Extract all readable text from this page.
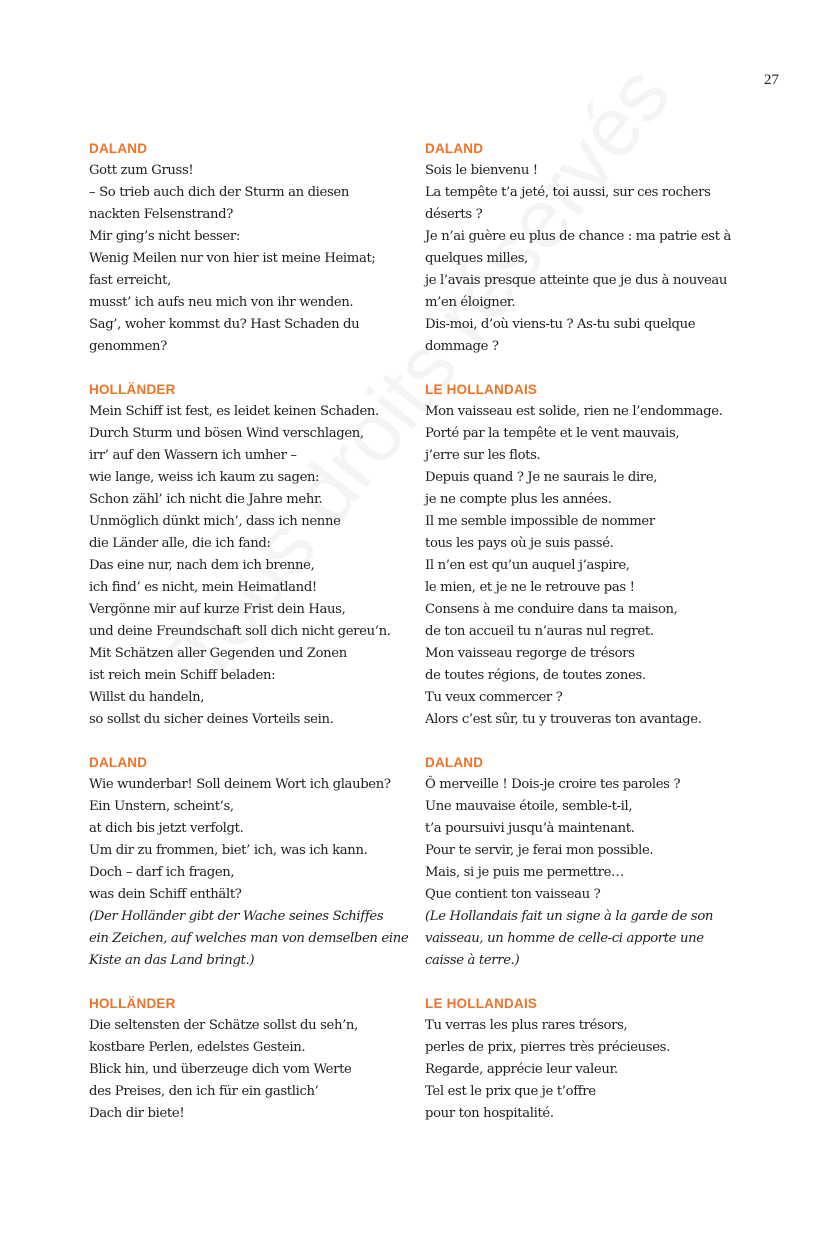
27
DALAND
Gott zum Gruss!
– So trieb auch dich der Sturm an diesen
nackten Felsenstrand?
Mir ging’s nicht besser:
Wenig Meilen nur von hier ist meine Heimat;
fast erreicht,
musst’ ich aufs neu mich von ihr wenden.
Sag’, woher kommst du? Hast Schaden du
genommen?
HOLLÄNDER
Mein Schiff ist fest, es leidet keinen Schaden.
Durch Sturm und bösen Wind verschlagen,
irr’ auf den Wassern ich umher –
wie lange, weiss ich kaum zu sagen:
Schon zähl’ ich nicht die Jahre mehr.
Unmöglich dünkt mich’, dass ich nenne
die Länder alle, die ich fand:
Das eine nur, nach dem ich brenne,
ich find’ es nicht, mein Heimatland!
Vergönne mir auf kurze Frist dein Haus,
und deine Freundschaft soll dich nicht gereu’n.
Mit Schätzen aller Gegenden und Zonen
ist reich mein Schiff beladen:
Willst du handeln,
so sollst du sicher deines Vorteils sein.
DALAND
Wie wunderbar! Soll deinem Wort ich glauben?
Ein Unstern, scheint’s,
at dich bis jetzt verfolgt.
Um dir zu frommen, biet’ ich, was ich kann.
Doch – darf ich fragen,
was dein Schiff enthält?
(Der Holländer gibt der Wache seines Schiffes
ein Zeichen, auf welches man von demselben eine
Kiste an das Land bringt.)
HOLLÄNDER
Die seltensten der Schätze sollst du seh’n,
kostbare Perlen, edelstes Gestein.
Blick hin, und überzeuge dich vom Werte
des Preises, den ich für ein gastlich’
Dach dir biete!
DALAND
Sois le bienvenu !
La tempête t’a jeté, toi aussi, sur ces rochers
déserts ?
Je n’ai guère eu plus de chance : ma patrie est à
quelques milles,
je l’avais presque atteinte que je dus à nouveau
m’en éloigner.
Dis-moi, d’où viens-tu ? As-tu subi quelque
dommage ?
LE HOLLANDAIS
Mon vaisseau est solide, rien ne l’endommage.
Porté par la tempête et le vent mauvais,
j’erre sur les flots.
Depuis quand ? Je ne saurais le dire,
je ne compte plus les années.
Il me semble impossible de nommer
tous les pays où je suis passé.
Il n’en est qu’un auquel j’aspire,
le mien, et je ne le retrouve pas !
Consens à me conduire dans ta maison,
de ton accueil tu n’auras nul regret.
Mon vaisseau regorge de trésors
de toutes régions, de toutes zones.
Tu veux commercer ?
Alors c’est sûr, tu y trouveras ton avantage.
DALAND
Ô merveille ! Dois-je croire tes paroles ?
Une mauvaise étoile, semble-t-il,
t’a poursuivi jusqu’à maintenant.
Pour te servir, je ferai mon possible.
Mais, si je puis me permettre…
Que contient ton vaisseau ?
(Le Hollandais fait un signe à la garde de son
vaisseau, un homme de celle-ci apporte une
caisse à terre.)
LE HOLLANDAIS
Tu verras les plus rares trésors,
perles de prix, pierres très précieuses.
Regarde, apprécie leur valeur.
Tel est le prix que je t’offre
pour ton hospitalité.
